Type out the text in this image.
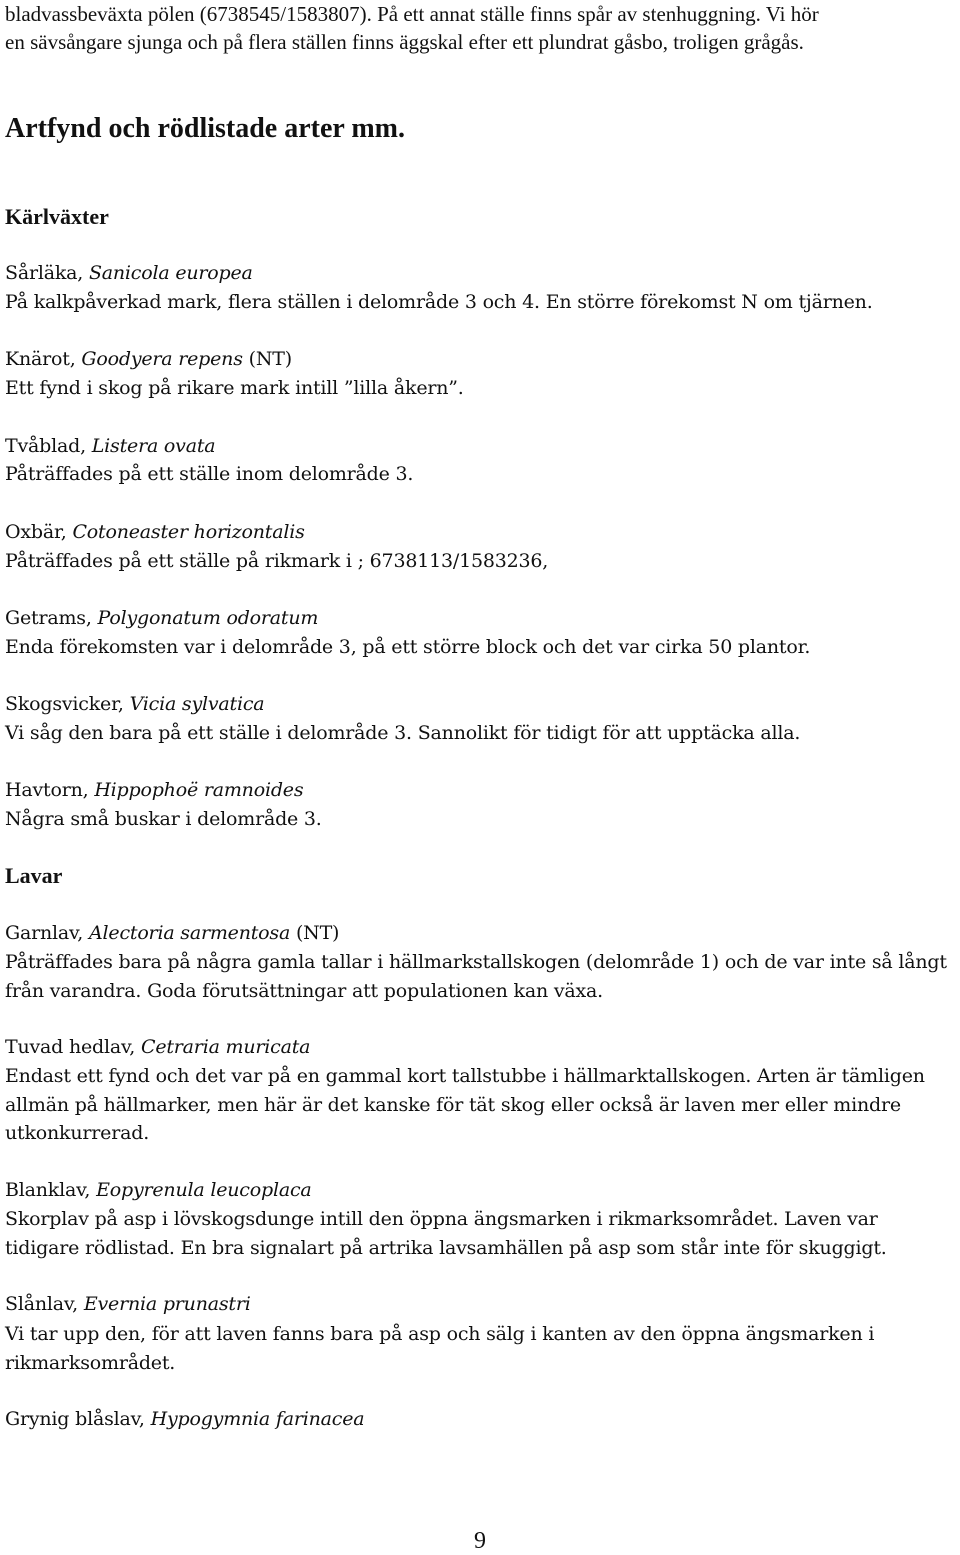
bladvassbeväxta pölen (6738545/1583807). På ett annat ställe finns spår av stenhuggning. Vi hör
en sävsångare sjunga och på flera ställen finns äggskal efter ett plundrat gåsbo, troligen grågås.
Artfynd och rödlistade arter mm.
Kärlväxter
Sårläka, Sanicola europea
På kalkpåverkad mark, flera ställen i delområde 3 och 4. En större förekomst N om tjärnen.
Knärot, Goodyera repens (NT)
Ett fynd i skog på rikare mark intill ”lilla åkern”.
Tvåblad, Listera ovata
Påträffades på ett ställe inom delområde 3.
Oxbär, Cotoneaster horizontalis
Påträffades på ett ställe på rikmark i ; 6738113/1583236,
Getrams, Polygonatum odoratum
Enda förekomsten var i delområde 3, på ett större block och det var cirka 50 plantor.
Skogsvicker, Vicia sylvatica
Vi såg den bara på ett ställe i delområde 3. Sannolikt för tidigt för att upptäcka alla.
Havtorn, Hippophoë ramnoides
Några små buskar i delområde 3.
Lavar
Garnlav, Alectoria sarmentosa (NT)
Påträffades bara på några gamla tallar i hällmarkstallskogen (delområde 1) och de var inte så långt från varandra. Goda förutsättningar att populationen kan växa.
Tuvad hedlav, Cetraria muricata
Endast ett fynd och det var på en gammal kort tallstubbe i hällmarktallskogen. Arten är tämligen allmän på hällmarker, men här är det kanske för tät skog eller också är laven mer eller mindre utkonkurrerad.
Blanklav, Eopyrenula leucoplaca
Skorplav på asp i lövskogsdunge intill den öppna ängsmarken i rikmarksområdet. Laven var tidigare rödlistad. En bra signalart på artrika lavsamhällen på asp som står inte för skuggigt.
Slånlav, Evernia prunastri
Vi tar upp den, för att laven fanns bara på asp och sälg i kanten av den öppna ängsmarken i rikmarksområdet.
Grynig blåslav, Hypogymnia farinacea
9
